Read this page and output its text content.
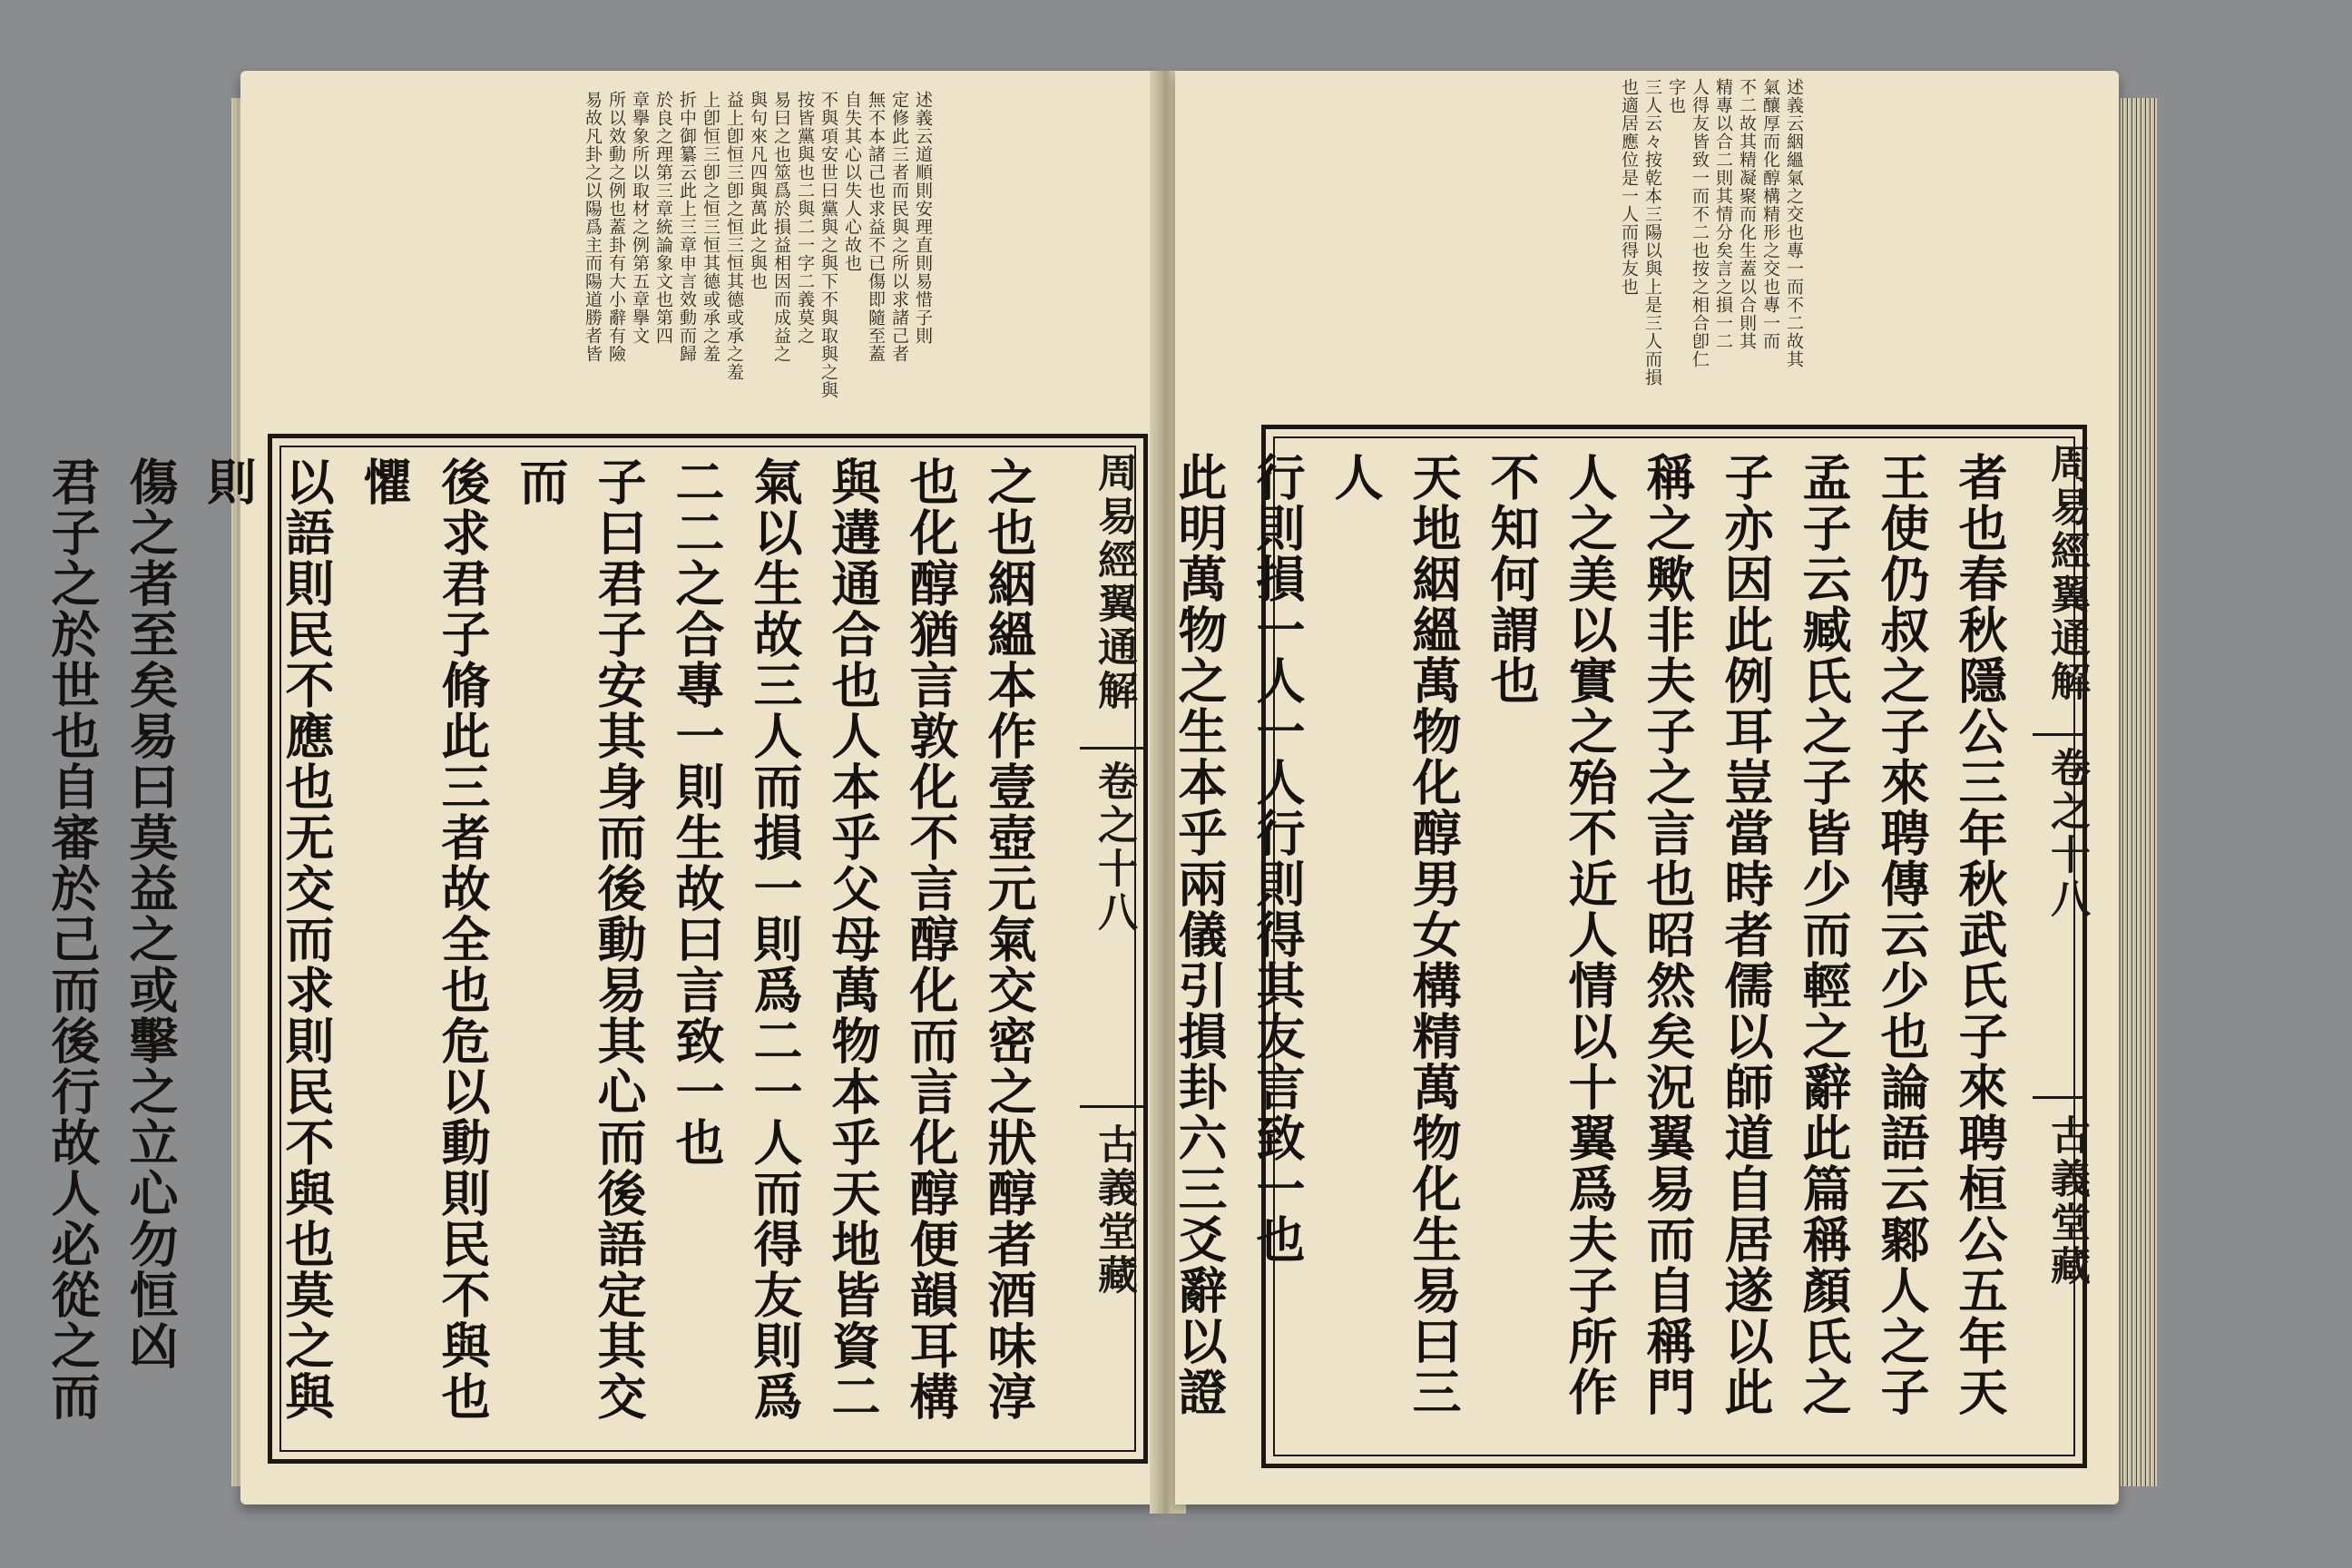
述義云道順則安理直則易惜子則
定修此三者而民與之所以求諸己者
無不本諸己也求益不已傷即隨至蓋
自失其心以失人心故也
不與項安世曰黨與之與下不與取與之與
按皆黨與也二與二一字二義莫之
易曰之也筮爲於損益相因而成益之
與句來凡四與萬此之與也
益上卽恒三卽之恒三恒其德或承之羞
上卽恒三卽之恒三恒其德或承之羞
折中御纂云此上三章申言效動而歸
於良之理第三章統論象文也第四
章擧象所以取材之例第五章擧文
所以效動之例也蓋卦有大小辭有險
易故凡卦之以陽爲主而陽道勝者皆
之也絪縕本作壹壺元氣交密之狀醇者酒味淳
也化醇猶言敦化不言醇化而言化醇便韻耳構
與遘通合也人本乎父母萬物本乎天地皆資二
氣以生故三人而損一則爲二一人而得友則爲
二二之合專一則生故曰言致一也
子曰君子安其身而後動易其心而後語定其交而
後求君子脩此三者故全也危以動則民不與也懼
以語則民不應也无交而求則民不與也莫之與則
傷之者至矣易曰莫益之或擊之立心勿恒凶
君子之於世也自審於己而後行故人必從之而	周易經翼通解
卷之十八
古義堂藏
述義云絪縕氣之交也專一而不二故其
氣釀厚而化醇構精形之交也專一而
不二故其精凝聚而化生蓋以合則其
精專以合二則其情分矣言之損一二
人得友皆致一而不二也按之相合卽仁
字也
三人云々按乾本三陽以與上是三人而損
也適居應位是一人而得友也
者也春秋隱公三年秋武氏子來聘桓公五年天
王使仍叔之子來聘傳云少也論語云鄹人之子
孟子云臧氏之子皆少而輕之辭此篇稱顏氏之
子亦因此例耳豈當時者儒以師道自居遂以此
稱之歟非夫子之言也昭然矣況翼易而自稱門
人之美以實之殆不近人情以十翼爲夫子所作
不知何謂也
天地絪縕萬物化醇男女構精萬物化生易曰三人
行則損一人一人行則得其友言致一也
此明萬物之生本乎兩儀引損卦六三爻辭以證	周易經翼通解
卷之十八
古義堂藏
